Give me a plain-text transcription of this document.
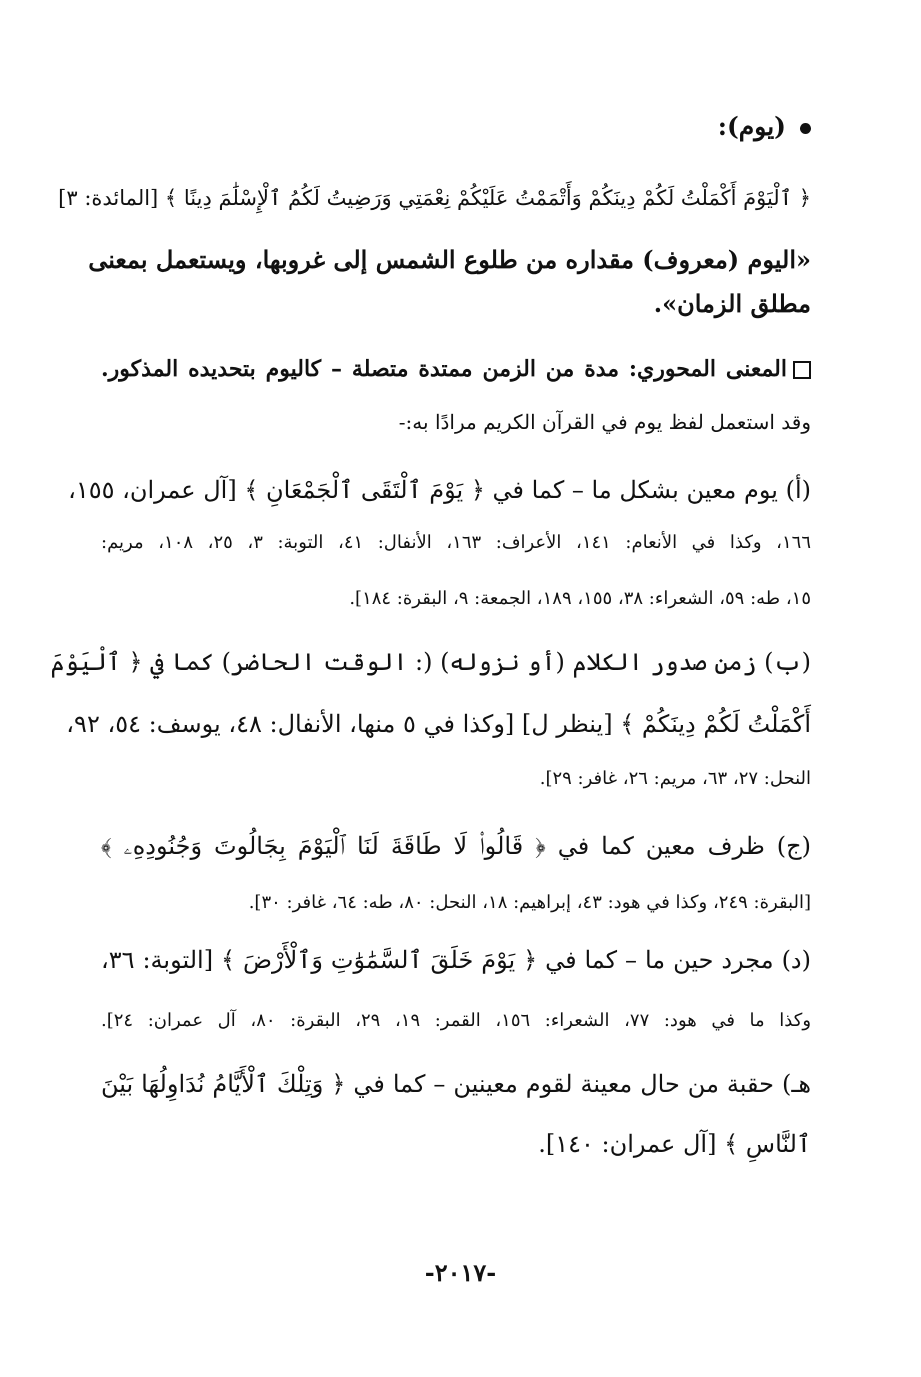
(يوم):
﴿ ٱلْيَوْمَ أَكْمَلْتُ لَكُمْ دِينَكُمْ وَأَتْمَمْتُ عَلَيْكُمْ نِعْمَتِي وَرَضِيتُ لَكُمُ ٱلْإِسْلَٰمَ دِينًا ﴾ [المائدة: ٣]
«اليوم (معروف) مقداره من طلوع الشمس إلى غروبها، ويستعمل بمعنى
مطلق الزمان».
المعنى المحوري: مدة من الزمن ممتدة متصلة – كاليوم بتحديده المذكور.
وقد استعمل لفظ يوم في القرآن الكريم مرادًا به:-
(أ) يوم معين بشكل ما – كما في ﴿ يَوْمَ ٱلْتَقَى ٱلْجَمْعَانِ ﴾ [آل عمران، ١٥٥،
١٦٦، وكذا في الأنعام: ١٤١، الأعراف: ١٦٣، الأنفال: ٤١، التوبة: ٣، ٢٥، ١٠٨، مريم:
١٥، طه: ٥٩، الشعراء: ٣٨، ١٥٥، ١٨٩، الجمعة: ٩، البقرة: ١٨٤].
(ب) زمن صدور الكلام (أو نزوله) (: الوقت الحاضر) كما في ﴿ ٱلْيَوْمَ
أَكْمَلْتُ لَكُمْ دِينَكُمْ ﴾ [ينظر ل] [وكذا في ٥ منها، الأنفال: ٤٨، يوسف: ٥٤، ٩٢،
النحل: ٢٧، ٦٣، مريم: ٢٦، غافر: ٢٩].
(ج) ظرف معين كما في ﴿ قَالُوا۟ لَا طَاقَةَ لَنَا ٱلْيَوْمَ بِجَالُوتَ وَجُنُودِهِۦ ﴾
[البقرة: ٢٤٩، وكذا في هود: ٤٣، إبراهيم: ١٨، النحل: ٨٠، طه: ٦٤، غافر: ٣٠].
(د) مجرد حين ما – كما في ﴿ يَوْمَ خَلَقَ ٱلسَّمَٰوَٰتِ وَٱلْأَرْضَ ﴾ [التوبة: ٣٦،
وكذا ما في هود: ٧٧، الشعراء: ١٥٦، القمر: ١٩، ٢٩، البقرة: ٨٠، آل عمران: ٢٤].
هـ) حقبة من حال معينة لقوم معينين – كما في ﴿ وَتِلْكَ ٱلْأَيَّامُ نُدَاوِلُهَا بَيْنَ
ٱلنَّاسِ ﴾ [آل عمران: ١٤٠].
-٢٠١٧-
